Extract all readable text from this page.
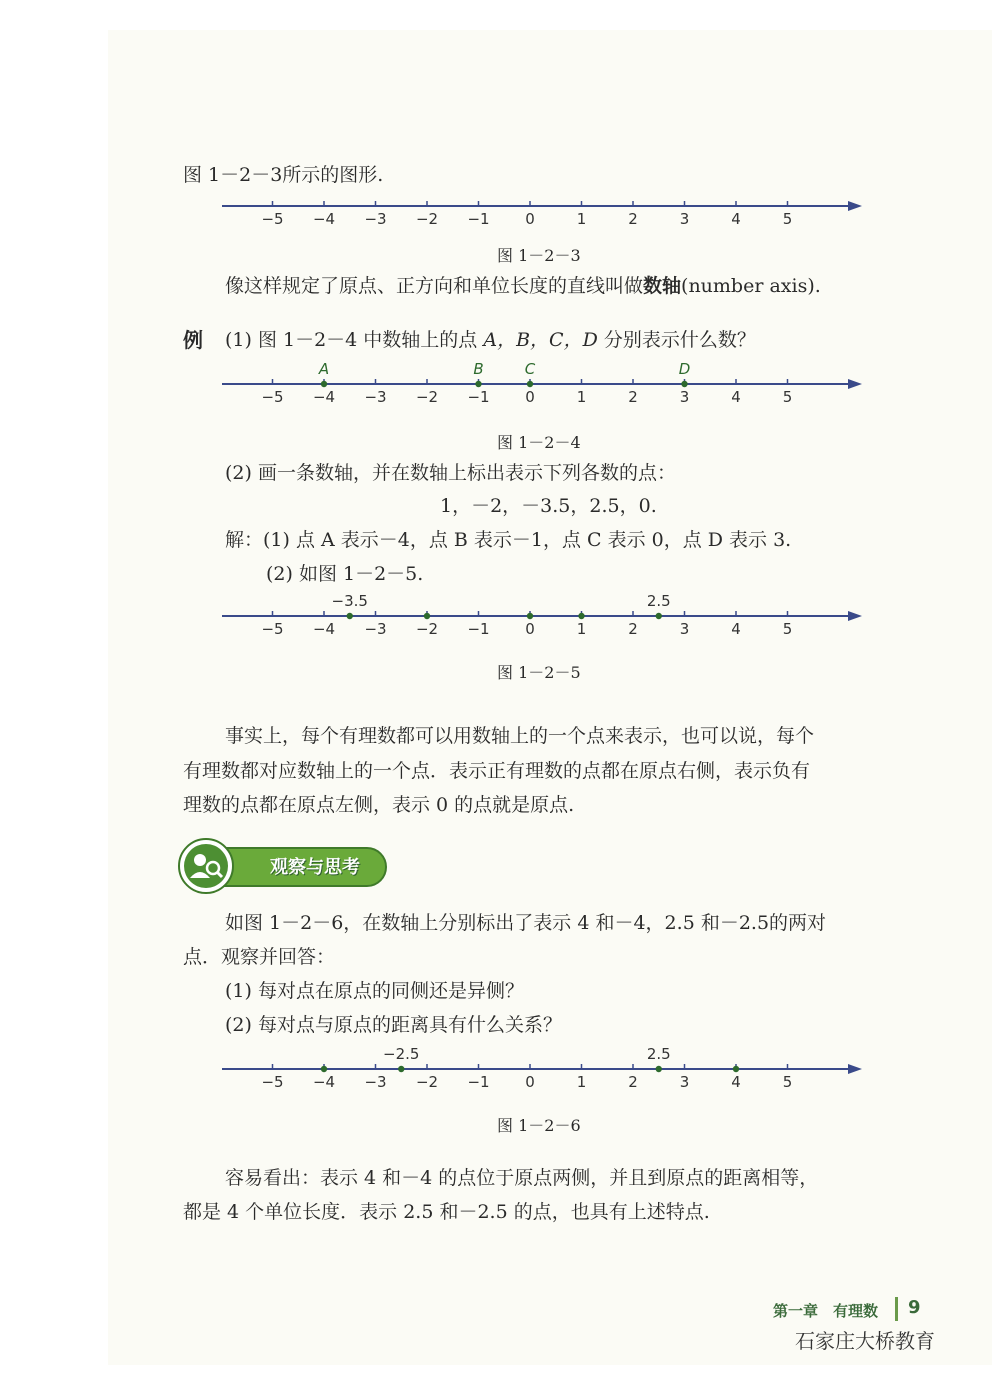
图 1－2－3所示的图形.
−5 −4 −3 −2 −1 0	1	2	3	4	5
图 1－2－3
像这样规定了原点、正方向和单位长度的直线叫做数轴(number axis).
例 (1) 图 1－2－4 中数轴上的点 A，B，C，D 分别表示什么数？
−5 −4 −3 −2 −1 0	1	2	3	4	5
A	B	C	D
图 1－2－4
(2) 画一条数轴，并在数轴上标出表示下列各数的点：
1，－2，－3.5，2.5，0.
解：(1) 点 A 表示－4，点 B 表示－1，点 C 表示 0，点 D 表示 3.
(2) 如图 1－2－5.
−5 −4 −3 −2 −1 0	1	2	3	4	5
−3.5	2.5
图 1－2－5
事实上，每个有理数都可以用数轴上的一个点来表示，也可以说，每个
有理数都对应数轴上的一个点．表示正有理数的点都在原点右侧，表示负有
理数的点都在原点左侧，表示 0 的点就是原点.
观察与思考
如图 1－2－6，在数轴上分别标出了表示 4 和－4，2.5 和－2.5的两对
点．观察并回答：
(1) 每对点在原点的同侧还是异侧？
(2) 每对点与原点的距离具有什么关系？
−5 −4 −3 −2 −1 0	1	2	3	4	5
−2.5	2.5
图 1－2－6
容易看出：表示 4 和－4 的点位于原点两侧，并且到原点的距离相等，
都是 4 个单位长度．表示 2.5 和－2.5 的点，也具有上述特点.
第一章　有理数 9
石家庄大桥教育
